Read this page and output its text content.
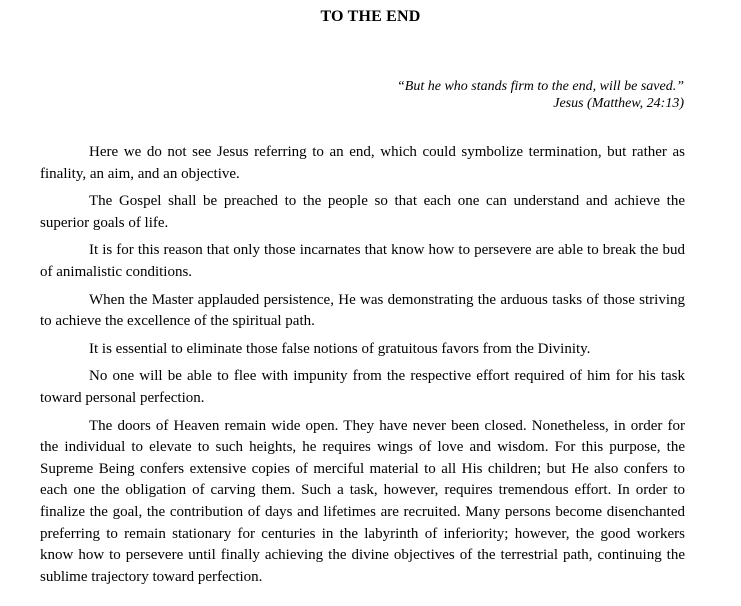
TO THE END
“But he who stands firm to the end, will be saved.”
Jesus (Matthew, 24:13)

Here we do not see Jesus referring to an end, which could symbolize termination, but rather as finality, an aim, and an objective.

The Gospel shall be preached to the people so that each one can understand and achieve the superior goals of life.

It is for this reason that only those incarnates that know how to persevere are able to break the bud of animalistic conditions.

When the Master applauded persistence, He was demonstrating the arduous tasks of those striving to achieve the excellence of the spiritual path.

It is essential to eliminate those false notions of gratuitous favors from the Divinity.

No one will be able to flee with impunity from the respective effort required of him for his task toward personal perfection.

The doors of Heaven remain wide open. They have never been closed. Nonetheless, in order for the individual to elevate to such heights, he requires wings of love and wisdom. For this purpose, the Supreme Being confers extensive copies of merciful material to all His children; but He also confers to each one the obligation of carving them. Such a task, however, requires tremendous effort. In order to finalize the goal, the contribution of days and lifetimes are recruited. Many persons become disenchanted preferring to remain stationary for centuries in the labyrinth of inferiority; however, the good workers know how to persevere until finally achieving the divine objectives of the terrestrial path, continuing the sublime trajectory toward perfection.
